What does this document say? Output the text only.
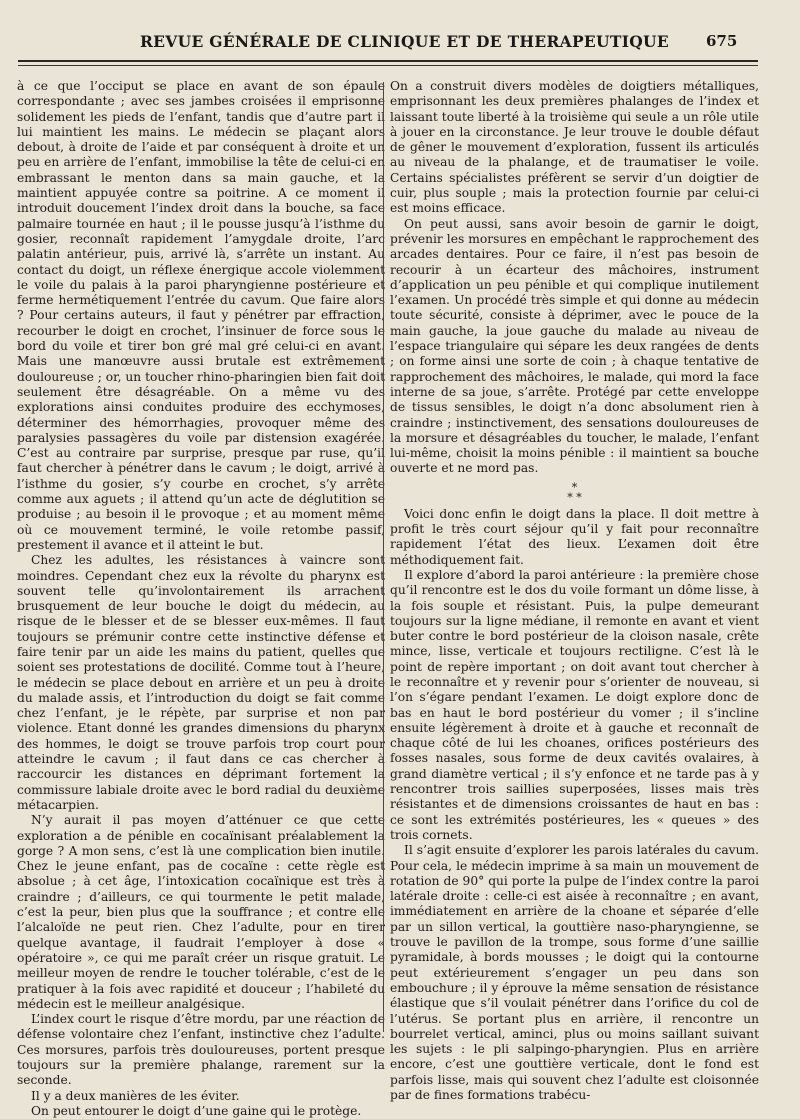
REVUE GÉNÉRALE DE CLINIQUE ET DE THERAPEUTIQUE 675

à ce que l’occiput se place en avant de son épaule correspondante ; avec ses jambes croisées il emprisonne solidement les pieds de l’enfant, tandis que d’autre part il lui maintient les mains. Le médecin se plaçant alors debout, à droite de l’aide et par conséquent à droite et un peu en arrière de l’enfant, immobilise la tête de celui-ci en embrassant le menton dans sa main gauche, et la maintient appuyée contre sa poitrine. A ce moment il introduit doucement l’index droit dans la bouche, sa face palmaire tournée en haut ; il le pousse jusqu’à l’isthme du gosier, reconnaît rapidement l’amygdale droite, l’arc palatin antérieur, puis, arrivé là, s’arrête un instant. Au contact du doigt, un réflexe énergique accole violemment le voile du palais à la paroi pharyngienne postérieure et ferme hermétiquement l’entrée du cavum. Que faire alors ? Pour certains auteurs, il faut y pénétrer par effraction, recourber le doigt en crochet, l’insinuer de force sous le bord du voile et tirer bon gré mal gré celui-ci en avant. Mais une manœuvre aussi brutale est extrêmement douloureuse ; or, un toucher rhino-pharingien bien fait doit seulement être désagréable. On a même vu des explorations ainsi conduites produire des ecchymoses, déterminer des hémorrhagies, provoquer même des paralysies passagères du voile par distension exagérée. C’est au contraire par surprise, presque par ruse, qu’il faut chercher à pénétrer dans le cavum ; le doigt, arrivé à l’isthme du gosier, s’y courbe en crochet, s’y arrête comme aux aguets ; il attend qu’un acte de déglutition se produise ; au besoin il le provoque ; et au moment même où ce mouvement terminé, le voile retombe passif, prestement il avance et il atteint le but.

Chez les adultes, les résistances à vaincre sont moindres. Cependant chez eux la révolte du pharynx est souvent telle qu’involontairement ils arrachent brusquement de leur bouche le doigt du médecin, au risque de le blesser et de se blesser eux-mêmes. Il faut toujours se prémunir contre cette instinctive défense et faire tenir par un aide les mains du patient, quelles que soient ses protestations de docilité. Comme tout à l’heure, le médecin se place debout en arrière et un peu à droite du malade assis, et l’introduction du doigt se fait comme chez l’enfant, je le répète, par surprise et non par violence. Etant donné les grandes dimensions du pharynx des hommes, le doigt se trouve parfois trop court pour atteindre le cavum ; il faut dans ce cas chercher à raccourcir les distances en déprimant fortement la commissure labiale droite avec le bord radial du deuxième métacarpien.

N’y aurait il pas moyen d’atténuer ce que cette exploration a de pénible en cocaïnisant préalablement la gorge ? A mon sens, c’est là une complication bien inutile. Chez le jeune enfant, pas de cocaïne : cette règle est absolue ; à cet âge, l’intoxication cocaïnique est très à craindre ; d’ailleurs, ce qui tourmente le petit malade, c’est la peur, bien plus que la souffrance ; et contre elle l’alcaloïde ne peut rien. Chez l’adulte, pour en tirer quelque avantage, il faudrait l’employer à dose « opératoire », ce qui me paraît créer un risque gratuit. Le meilleur moyen de rendre le toucher tolérable, c’est de le pratiquer à la fois avec rapidité et douceur ; l’habileté du médecin est le meilleur analgésique.

L’index court le risque d’être mordu, par une réaction de défense volontaire chez l’enfant, instinctive chez l’adulte. Ces morsures, parfois très douloureuses, portent presque toujours sur la première phalange, rarement sur la seconde.

Il y a deux manières de les éviter.

On peut entourer le doigt d’une gaine qui le protège.

On a construit divers modèles de doigtiers métalliques, emprisonnant les deux premières phalanges de l’index et laissant toute liberté à la troisième qui seule a un rôle utile à jouer en la circonstance. Je leur trouve le double défaut de gêner le mouvement d’exploration, fussent ils articulés au niveau de la phalange, et de traumatiser le voile. Certains spécialistes préfèrent se servir d’un doigtier de cuir, plus souple ; mais la protection fournie par celui-ci est moins efficace.

On peut aussi, sans avoir besoin de garnir le doigt, prévenir les morsures en empêchant le rapprochement des arcades dentaires. Pour ce faire, il n’est pas besoin de recourir à un écarteur des mâchoires, instrument d’application un peu pénible et qui complique inutilement l’examen. Un procédé très simple et qui donne au médecin toute sécurité, consiste à déprimer, avec le pouce de la main gauche, la joue gauche du malade au niveau de l’espace triangulaire qui sépare les deux rangées de dents ; on forme ainsi une sorte de coin ; à chaque tentative de rapprochement des mâchoires, le malade, qui mord la face interne de sa joue, s’arrête. Protégé par cette enveloppe de tissus sensibles, le doigt n’a donc absolument rien à craindre ; instinctivement, des sensations douloureuses de la morsure et désagréables du toucher, le malade, l’enfant lui-même, choisit la moins pénible : il maintient sa bouche ouverte et ne mord pas.

*
* *

Voici donc enfin le doigt dans la place. Il doit mettre à profit le très court séjour qu’il y fait pour reconnaître rapidement l’état des lieux. L’examen doit être méthodiquement fait.

Il explore d’abord la paroi antérieure : la première chose qu’il rencontre est le dos du voile formant un dôme lisse, à la fois souple et résistant. Puis, la pulpe demeurant toujours sur la ligne médiane, il remonte en avant et vient buter contre le bord postérieur de la cloison nasale, crête mince, lisse, verticale et toujours rectiligne. C’est là le point de repère important ; on doit avant tout chercher à le reconnaître et y revenir pour s’orienter de nouveau, si l’on s’égare pendant l’examen. Le doigt explore donc de bas en haut le bord postérieur du vomer ; il s’incline ensuite légèrement à droite et à gauche et reconnaît de chaque côté de lui les choanes, orifices postérieurs des fosses nasales, sous forme de deux cavités ovalaires, à grand diamètre vertical ; il s’y enfonce et ne tarde pas à y rencontrer trois saillies superposées, lisses mais très résistantes et de dimensions croissantes de haut en bas : ce sont les extrémités postérieures, les « queues » des trois cornets.

Il s’agit ensuite d’explorer les parois latérales du cavum. Pour cela, le médecin imprime à sa main un mouvement de rotation de 90° qui porte la pulpe de l’index contre la paroi latérale droite : celle-ci est aisée à reconnaître ; en avant, immédiatement en arrière de la choane et séparée d’elle par un sillon vertical, la gouttière naso-pharyngienne, se trouve le pavillon de la trompe, sous forme d’une saillie pyramidale, à bords mousses ; le doigt qui la contourne peut extérieurement s’engager un peu dans son embouchure ; il y éprouve la même sensation de résistance élastique que s’il voulait pénétrer dans l’orifice du col de l’utérus. Se portant plus en arrière, il rencontre un bourrelet vertical, aminci, plus ou moins saillant suivant les sujets : le pli salpingo-pharyngien. Plus en arrière encore, c’est une gouttière verticale, dont le fond est parfois lisse, mais qui souvent chez l’adulte est cloisonnée par de fines formations trabécu-
